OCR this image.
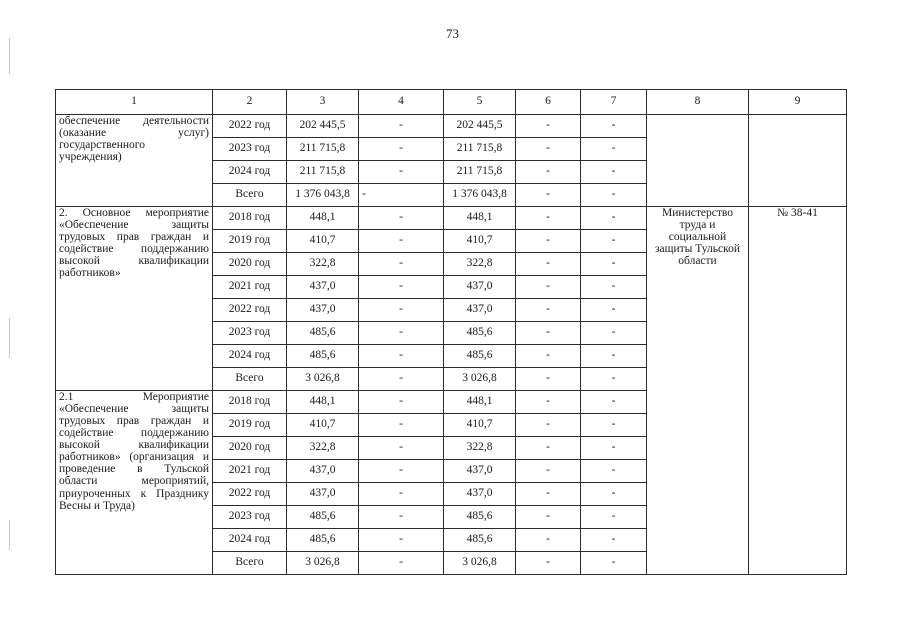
73
1	2	3	4	5	6	7	8	9
обеспечение деятельности (оказание услуг) государственного учреждения)	2022 год	202 445,5	-	202 445,5	-	-		
	2023 год	211 715,8	-	211 715,8	-	-		
	2024 год	211 715,8	-	211 715,8	-	-		
	Всего	1 376 043,8	-	1 376 043,8	-	-		
2. Основное мероприятие «Обеспечение защиты трудовых прав граждан и содействие поддержанию высокой квалификации работников»	2018 год	448,1	-	448,1	-	-	Министерство труда и социальной защиты Тульской области	№ 38-41
	2019 год	410,7	-	410,7	-	-		
	2020 год	322,8	-	322,8	-	-		
	2021 год	437,0	-	437,0	-	-		
	2022 год	437,0	-	437,0	-	-		
	2023 год	485,6	-	485,6	-	-		
	2024 год	485,6	-	485,6	-	-		
	Всего	3 026,8	-	3 026,8	-	-		
2.1 Мероприятие «Обеспечение защиты трудовых прав граждан и содействие поддержанию высокой квалификации работников» (организация и проведение в Тульской области мероприятий, приуроченных к Празднику Весны и Труда)	2018 год	448,1	-	448,1	-	-		
	2019 год	410,7	-	410,7	-	-		
	2020 год	322,8	-	322,8	-	-		
	2021 год	437,0	-	437,0	-	-		
	2022 год	437,0	-	437,0	-	-		
	2023 год	485,6	-	485,6	-	-		
	2024 год	485,6	-	485,6	-	-		
	Всего	3 026,8	-	3 026,8	-	-		
